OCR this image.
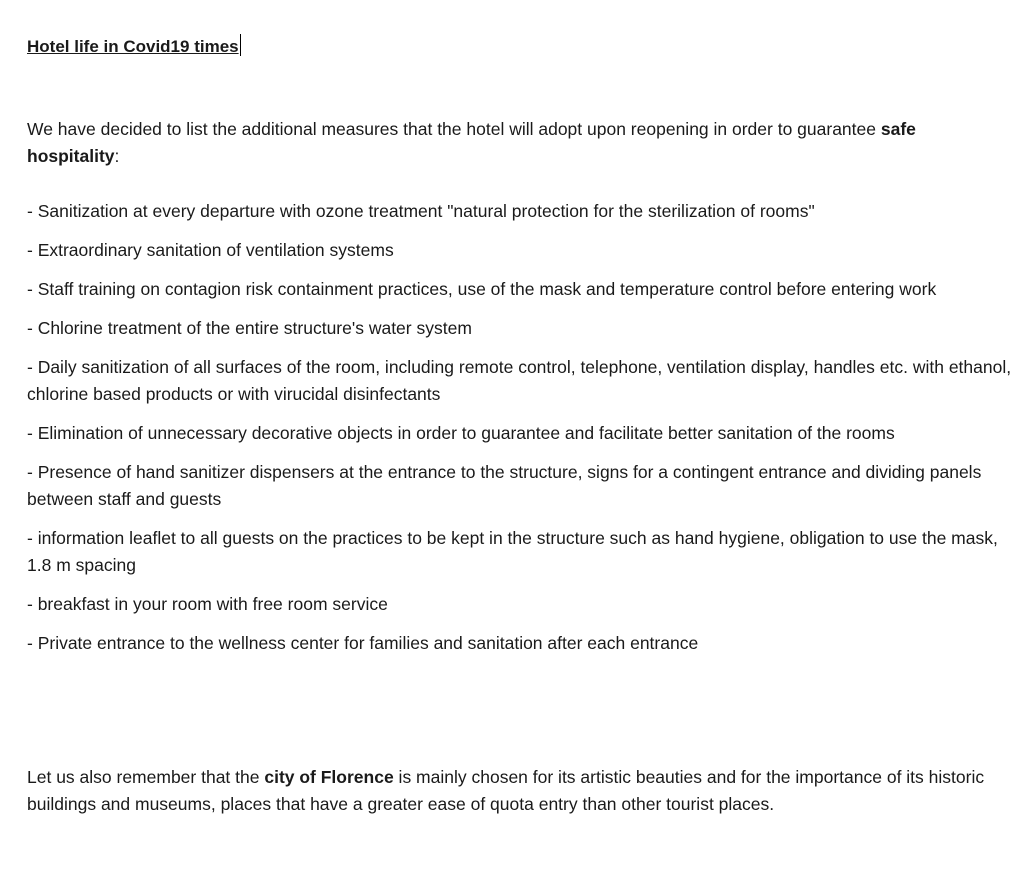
Hotel life in Covid19 times

We have decided to list the additional measures that the hotel will adopt upon reopening in order to guarantee safe hospitality:

- Sanitization at every departure with ozone treatment "natural protection for the sterilization of rooms"
- Extraordinary sanitation of ventilation systems
- Staff training on contagion risk containment practices, use of the mask and temperature control before entering work
- Chlorine treatment of the entire structure's water system
- Daily sanitization of all surfaces of the room, including remote control, telephone, ventilation display, handles etc. with ethanol, chlorine based products or with virucidal disinfectants
- Elimination of unnecessary decorative objects in order to guarantee and facilitate better sanitation of the rooms
- Presence of hand sanitizer dispensers at the entrance to the structure, signs for a contingent entrance and dividing panels between staff and guests
- information leaflet to all guests on the practices to be kept in the structure such as hand hygiene, obligation to use the mask, 1.8 m spacing
- breakfast in your room with free room service
- Private entrance to the wellness center for families and sanitation after each entrance

Let us also remember that the city of Florence is mainly chosen for its artistic beauties and for the importance of its historic buildings and museums, places that have a greater ease of quota entry than other tourist places.
